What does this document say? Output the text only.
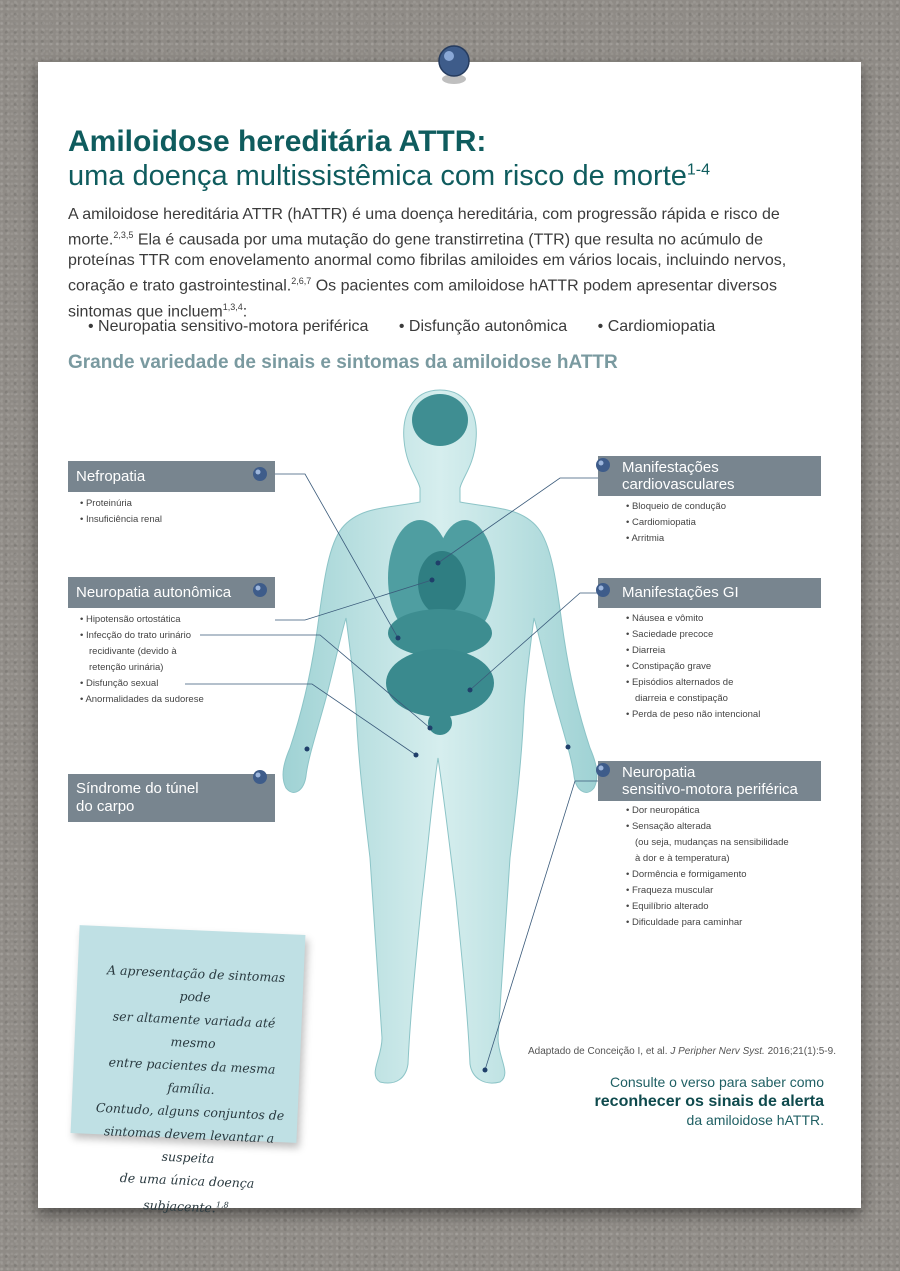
Amiloidose hereditária ATTR:
uma doença multissistêmica com risco de morte$^{1-4}$
A amiloidose hereditária ATTR (hATTR) é uma doença hereditária, com progressão rápida e risco de morte.$^{2,3,5}$ Ela é causada por uma mutação do gene transtirretina (TTR) que resulta no acúmulo de proteínas TTR com enovelamento anormal como fibrilas amiloides em vários locais, incluindo nervos, coração e trato gastrointestinal.$^{2,6,7}$ Os pacientes com amiloidose hATTR podem apresentar diversos sintomas que incluem$^{1,3,4}$:
• Neuropatia sensitivo-motora periférica • Disfunção autonômica • Cardiomiopatia
Grande variedade de sinais e sintomas da amiloidose hATTR
Nefropatia
• Proteinúria
• Insuficiência renal
Neuropatia autonômica
• Hipotensão ortostática
• Infecção do trato urinário
recidivante (devido à
retenção urinária)
• Disfunção sexual
• Anormalidades da sudorese
Síndrome do túnel
do carpo
Manifestações
cardiovasculares
• Bloqueio de condução
• Cardiomiopatia
• Arritmia
Manifestações GI
• Náusea e vômito
• Saciedade precoce
• Diarreia
• Constipação grave
• Episódios alternados de
diarreia e constipação
• Perda de peso não intencional
Neuropatia
sensitivo-motora periférica
• Dor neuropática
• Sensação alterada
(ou seja, mudanças na sensibilidade
à dor e à temperatura)
• Dormência e formigamento
• Fraqueza muscular
• Equilíbrio alterado
• Dificuldade para caminhar
A apresentação de sintomas pode
ser altamente variada até mesmo
entre pacientes da mesma família.
Contudo, alguns conjuntos de
sintomas devem levantar a suspeita
de uma única doença subjacente.$^{1,8}$
Adaptado de Conceição I, et al. J Peripher Nerv Syst. 2016;21(1):5-9.
Consulte o verso para saber como
reconhecer os sinais de alerta
da amiloidose hATTR.
